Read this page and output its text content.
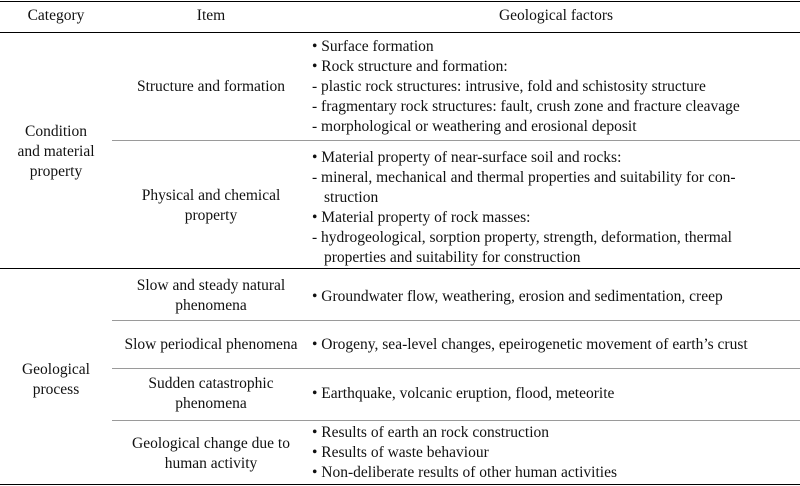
Category	Item	Geological factors
Condition
and material
property
Structure and formation
• Surface formation
• Rock structure and formation:
- plastic rock structures: intrusive, fold and schistosity structure
- fragmentary rock structures: fault, crush zone and fracture cleavage
- morphological or weathering and erosional deposit
Physical and chemical
property
• Material property of near-surface soil and rocks:
- mineral, mechanical and thermal properties and suitability for con-
struction
• Material property of rock masses:
- hydrogeological, sorption property, strength, deformation, thermal
properties and suitability for construction
Geological
process
Slow and steady natural
phenomena
• Groundwater flow, weathering, erosion and sedimentation, creep
Slow periodical phenomena • Orogeny, sea-level changes, epeirogenetic movement of earth’s crust
Sudden catastrophic
phenomena
• Earthquake, volcanic eruption, flood, meteorite
Geological change due to
human activity
• Results of earth an rock construction
• Results of waste behaviour
• Non-deliberate results of other human activities
